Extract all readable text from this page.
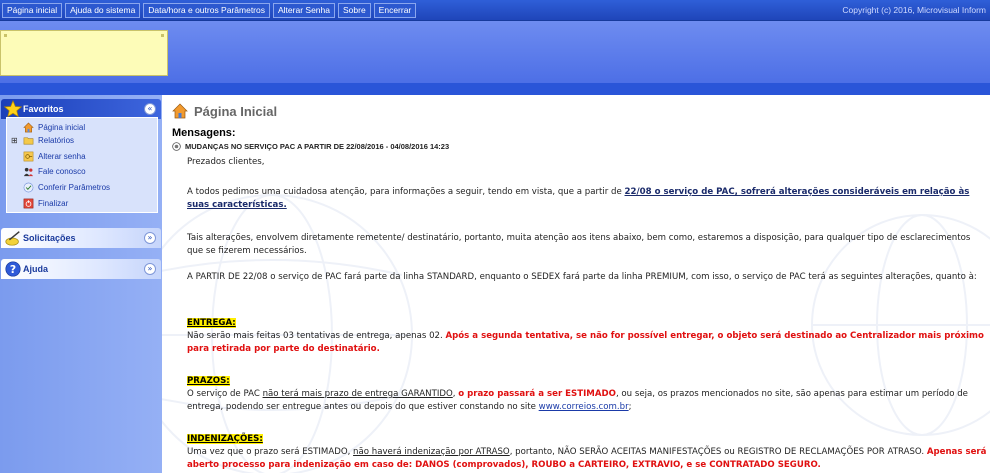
Página inicial	Ajuda do sistema	Data/hora e outros Parâmetros	Alterar Senha	Sobre	Encerrar	Copyright (c) 2016, Microvisual Inform
Favoritos	«
Página inicial
⊞	Relatórios
Alterar senha
Fale conosco
Conferir Parâmetros
Finalizar
Solicitações	»
? Ajuda	»
Página Inicial
Mensagens:
MUDANÇAS NO SERVIÇO PAC A PARTIR DE 22/08/2016 - 04/08/2016 14:23
Prezados clientes,
A todos pedimos uma cuidadosa atenção, para informações a seguir, tendo em vista, que a partir de 22/08 o serviço de PAC, sofrerá alterações consideráveis em relação às suas características.
Tais alterações, envolvem diretamente remetente/ destinatário, portanto, muita atenção aos itens abaixo, bem como, estaremos a disposição, para qualquer tipo de esclarecimentos que se fizerem necessários.
A PARTIR DE 22/08 o serviço de PAC fará parte da linha STANDARD, enquanto o SEDEX fará parte da linha PREMIUM, com isso, o serviço de PAC terá as seguintes alterações, quanto à:
ENTREGA:
Não serão mais feitas 03 tentativas de entrega, apenas 02. Após a segunda tentativa, se não for possível entregar, o objeto será destinado ao Centralizador mais próximo para retirada por parte do destinatário.
PRAZOS:
O serviço de PAC não terá mais prazo de entrega GARANTIDO, o prazo passará a ser ESTIMADO, ou seja, os prazos mencionados no site, são apenas para estimar um período de entrega, podendo ser entregue antes ou depois do que estiver constando no site www.correios.com.br;
INDENIZAÇÕES:
Uma vez que o prazo será ESTIMADO, não haverá indenização por ATRASO, portanto, NÃO SERÃO ACEITAS MANIFESTAÇÕES ou REGISTRO DE RECLAMAÇÕES POR ATRASO. Apenas será aberto processo para indenização em caso de: DANOS (comprovados), ROUBO a CARTEIRO, EXTRAVIO, e se CONTRATADO SEGURO.
